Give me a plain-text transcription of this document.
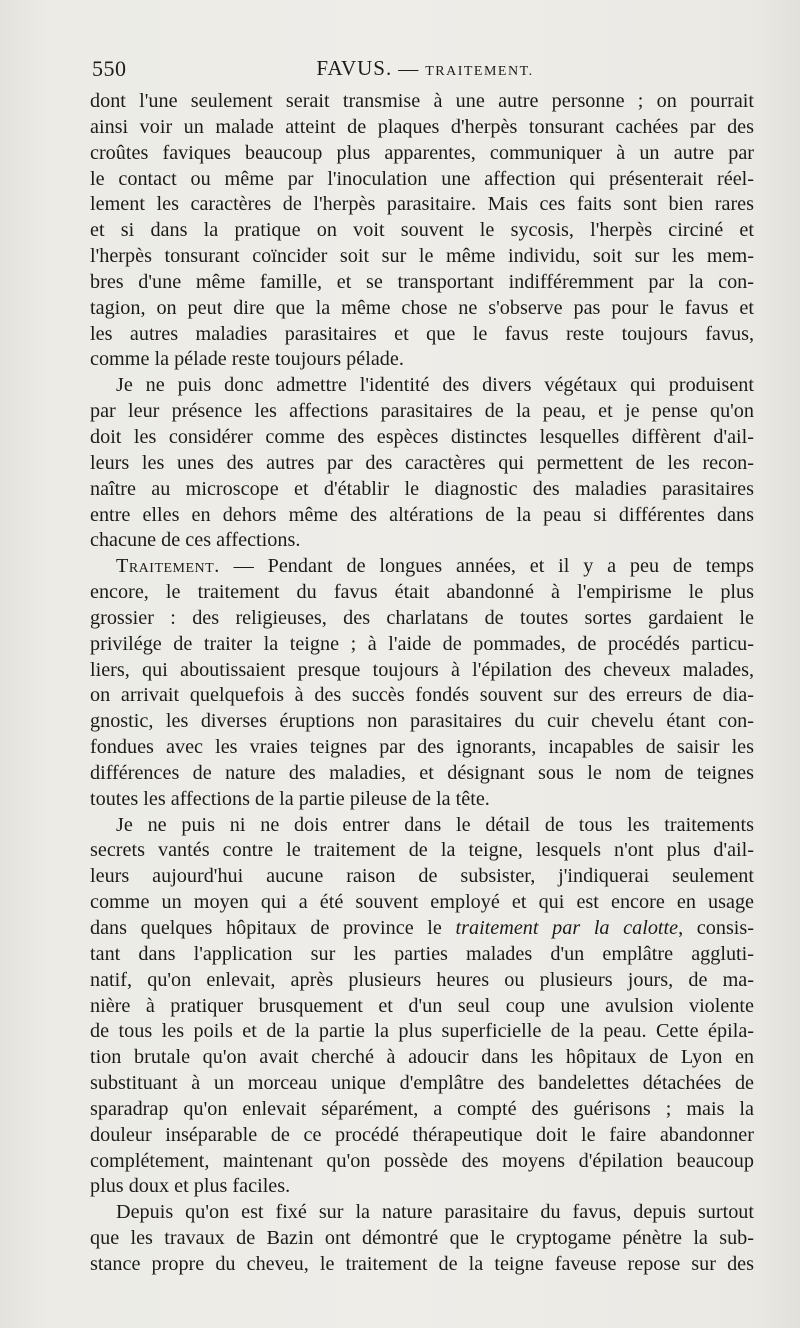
550	FAVUS. — TRAITEMENT.
dont l'une seulement serait transmise à une autre personne ; on pourrait
ainsi voir un malade atteint de plaques d'herpès tonsurant cachées par des
croûtes faviques beaucoup plus apparentes, communiquer à un autre par
le contact ou même par l'inoculation une affection qui présenterait réel-
lement les caractères de l'herpès parasitaire. Mais ces faits sont bien rares
et si dans la pratique on voit souvent le sycosis, l'herpès circiné et
l'herpès tonsurant coïncider soit sur le même individu, soit sur les mem-
bres d'une même famille, et se transportant indifféremment par la con-
tagion, on peut dire que la même chose ne s'observe pas pour le favus et
les autres maladies parasitaires et que le favus reste toujours favus,
comme la pélade reste toujours pélade.
Je ne puis donc admettre l'identité des divers végétaux qui produisent
par leur présence les affections parasitaires de la peau, et je pense qu'on
doit les considérer comme des espèces distinctes lesquelles diffèrent d'ail-
leurs les unes des autres par des caractères qui permettent de les recon-
naître au microscope et d'établir le diagnostic des maladies parasitaires
entre elles en dehors même des altérations de la peau si différentes dans
chacune de ces affections.
Traitement. — Pendant de longues années, et il y a peu de temps
encore, le traitement du favus était abandonné à l'empirisme le plus
grossier : des religieuses, des charlatans de toutes sortes gardaient le
privilége de traiter la teigne ; à l'aide de pommades, de procédés particu-
liers, qui aboutissaient presque toujours à l'épilation des cheveux malades,
on arrivait quelquefois à des succès fondés souvent sur des erreurs de dia-
gnostic, les diverses éruptions non parasitaires du cuir chevelu étant con-
fondues avec les vraies teignes par des ignorants, incapables de saisir les
différences de nature des maladies, et désignant sous le nom de teignes
toutes les affections de la partie pileuse de la tête.
Je ne puis ni ne dois entrer dans le détail de tous les traitements
secrets vantés contre le traitement de la teigne, lesquels n'ont plus d'ail-
leurs aujourd'hui aucune raison de subsister, j'indiquerai seulement
comme un moyen qui a été souvent employé et qui est encore en usage
dans quelques hôpitaux de province le traitement par la calotte, consis-
tant dans l'application sur les parties malades d'un emplâtre aggluti-
natif, qu'on enlevait, après plusieurs heures ou plusieurs jours, de ma-
nière à pratiquer brusquement et d'un seul coup une avulsion violente
de tous les poils et de la partie la plus superficielle de la peau. Cette épila-
tion brutale qu'on avait cherché à adoucir dans les hôpitaux de Lyon en
substituant à un morceau unique d'emplâtre des bandelettes détachées de
sparadrap qu'on enlevait séparément, a compté des guérisons ; mais la
douleur inséparable de ce procédé thérapeutique doit le faire abandonner
complétement, maintenant qu'on possède des moyens d'épilation beaucoup
plus doux et plus faciles.
Depuis qu'on est fixé sur la nature parasitaire du favus, depuis surtout
que les travaux de Bazin ont démontré que le cryptogame pénètre la sub-
stance propre du cheveu, le traitement de la teigne faveuse repose sur des
